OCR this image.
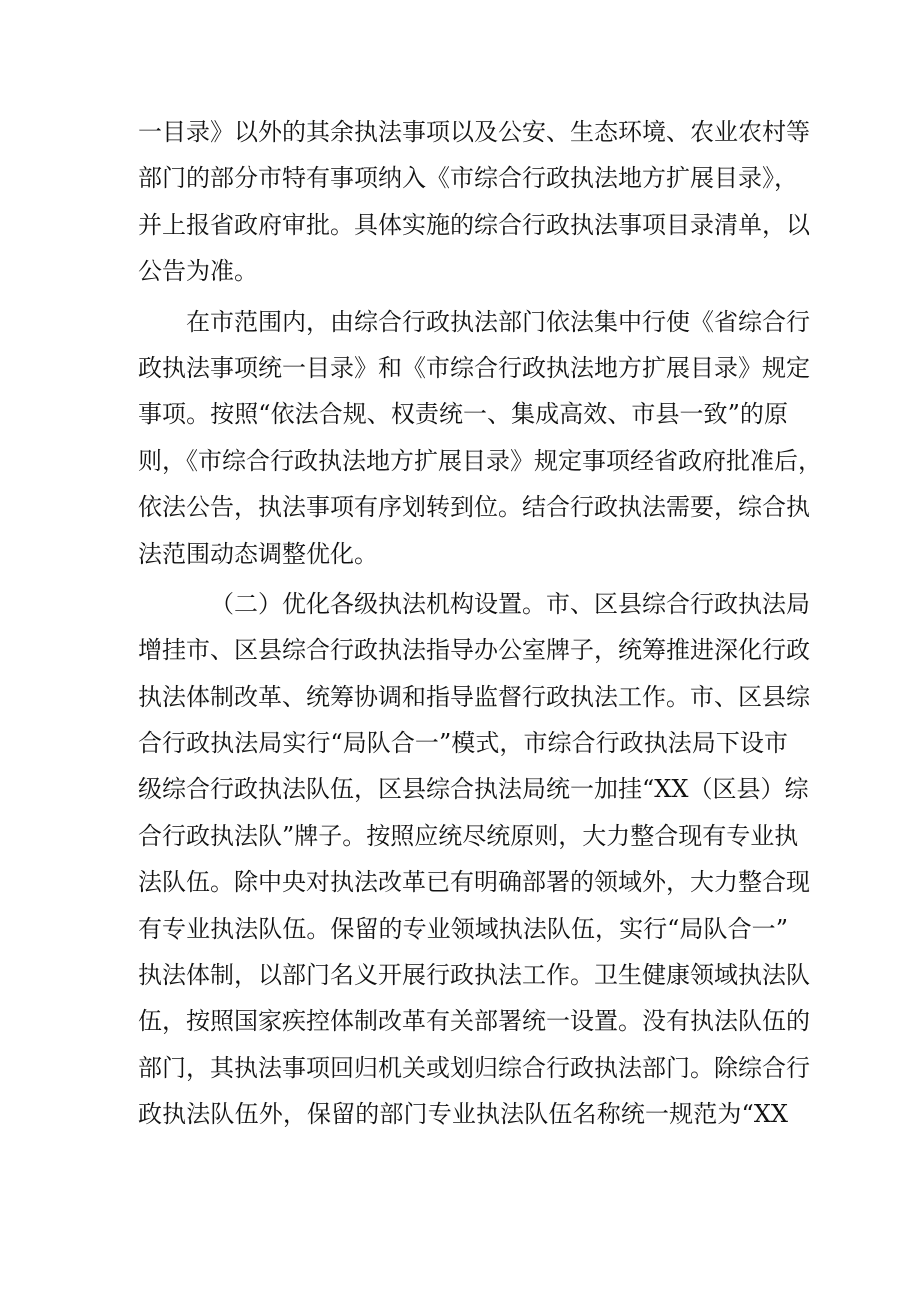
一目录》以外的其余执法事项以及公安、生态环境、农业农村等
部门的部分市特有事项纳入《市综合行政执法地方扩展目录》，
并上报省政府审批。具体实施的综合行政执法事项目录清单，以
公告为准。
在市范围内，由综合行政执法部门依法集中行使《省综合行
政执法事项统一目录》和《市综合行政执法地方扩展目录》规定
事项。按照“依法合规、权责统一、集成高效、市县一致”的原
则，《市综合行政执法地方扩展目录》规定事项经省政府批准后，
依法公告，执法事项有序划转到位。结合行政执法需要，综合执
法范围动态调整优化。
（二）优化各级执法机构设置。市、区县综合行政执法局
增挂市、区县综合行政执法指导办公室牌子，统筹推进深化行政
执法体制改革、统筹协调和指导监督行政执法工作。市、区县综
合行政执法局实行“局队合一”模式，市综合行政执法局下设市
级综合行政执法队伍，区县综合执法局统一加挂“XX（区县）综
合行政执法队”牌子。按照应统尽统原则，大力整合现有专业执
法队伍。除中央对执法改革已有明确部署的领域外，大力整合现
有专业执法队伍。保留的专业领域执法队伍，实行“局队合一”
执法体制，以部门名义开展行政执法工作。卫生健康领域执法队
伍，按照国家疾控体制改革有关部署统一设置。没有执法队伍的
部门，其执法事项回归机关或划归综合行政执法部门。除综合行
政执法队伍外，保留的部门专业执法队伍名称统一规范为“XX
